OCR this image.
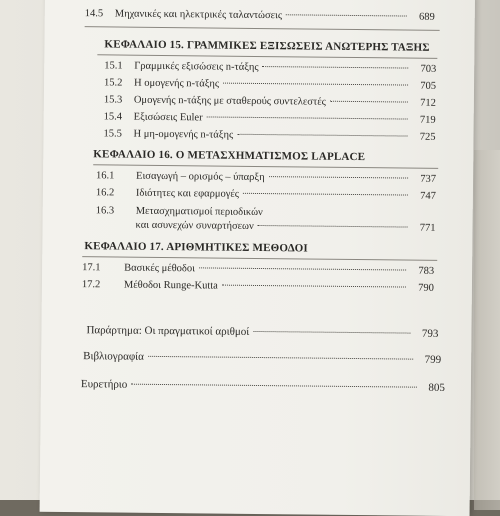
14.5	Μηχανικές και ηλεκτρικές ταλαντώσεις	689
ΚΕΦΑΛΑΙΟ 15. ΓΡΑΜΜΙΚΕΣ ΕΞΙΣΩΣΕΙΣ ΑΝΩΤΕΡΗΣ ΤΑΞΗΣ
15.1	Γραμμικές εξισώσεις n-τάξης	703
15.2	Η ομογενής n-τάξης	705
15.3	Ομογενής n-τάξης με σταθερούς συντελεστές	712
15.4	Εξισώσεις Euler	719
15.5	Η μη-ομογενής n-τάξης	725
ΚΕΦΑΛΑΙΟ 16. Ο ΜΕΤΑΣΧΗΜΑΤΙΣΜΟΣ LAPLACE
16.1	Εισαγωγή – ορισμός – ύπαρξη	737
16.2	Ιδιότητες και εφαρμογές	747
16.3	Μετασχηματισμοί περιοδικών
και ασυνεχών συναρτήσεων	771
ΚΕΦΑΛΑΙΟ 17. ΑΡΙΘΜΗΤΙΚΕΣ ΜΕΘΟΔΟΙ
17.1	Βασικές μέθοδοι	783
17.2	Μέθοδοι Runge-Kutta	790
Παράρτημα: Οι πραγματικοί αριθμοί	793
Βιβλιογραφία	799
Ευρετήριο	805
